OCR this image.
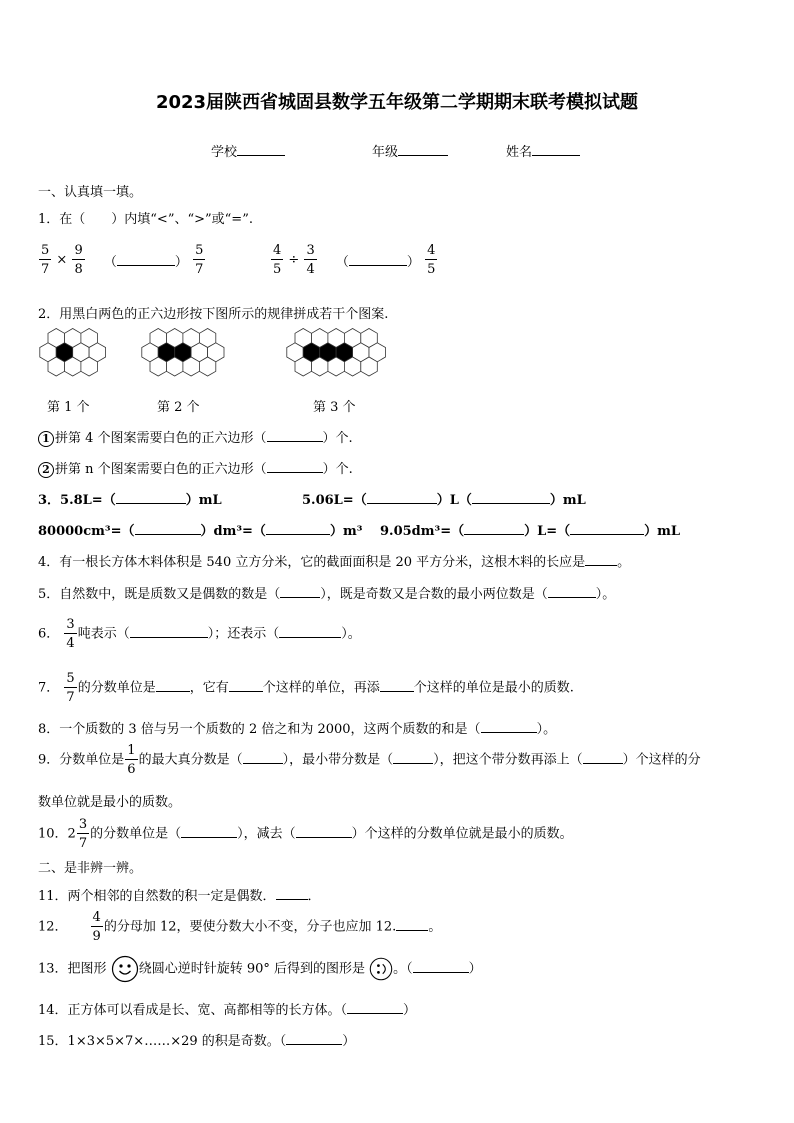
2023届陕西省城固县数学五年级第二学期期末联考模拟试题
学校	年级	姓名
一、认真填一填。
1．在（　　）内填“<”、“>”或“=”.
$\frac{5}{7} \times \frac{9}{8}$ （	） $\frac{5}{7}$	$\frac{4}{5} \div \frac{3}{4}$ （	） $\frac{4}{5}$
2．用黑白两色的正六边形按下图所示的规律拼成若干个图案.
第 1 个	第 2 个	第 3 个
1 拼第 4 个图案需要白色的正六边形（	）个.
2 拼第 n 个图案需要白色的正六边形（	）个.
3．5.8L=（	）mL	5.06L=（	）L（	）mL
80000cm³=（	）dm³=（	）m³ 9.05dm³=（	）L=（	）mL
4．有一根长方体木料体积是 540 立方分米，它的截面面积是 20 平方分米，这根木料的长应是 。
5．自然数中，既是质数又是偶数的数是（	），既是奇数又是合数的最小两位数是（	）。
6． $\frac{3}{4}$ 吨表示（	）；还表示（	）。
7． $\frac{5}{7}$ 的分数单位是	，它有	个这样的单位，再添	个这样的单位是最小的质数.
8．一个质数的 3 倍与另一个质数的 2 倍之和为 2000，这两个质数的和是（	）。
9．分数单位是 $\frac{1}{6}$ 的最大真分数是（	），最小带分数是（	），把这个带分数再添上（	）个这样的分
数单位就是最小的质数。
10．$2 \frac{3}{7}$ 的分数单位是（	），减去（	）个这样的分数单位就是最小的质数。
二、是非辨一辨。
11．两个相邻的自然数的积一定是偶数． ．
12． $\frac{4}{9}$ 的分母加 12，要使分数大小不变，分子也应加 12. 。
13．把图形 绕圆心逆时针旋转 90° 后得到的图形是 。（	）
14．正方体可以看成是长、宽、高都相等的长方体。（	）
15．1×3×5×7×……×29 的积是奇数。（	）
